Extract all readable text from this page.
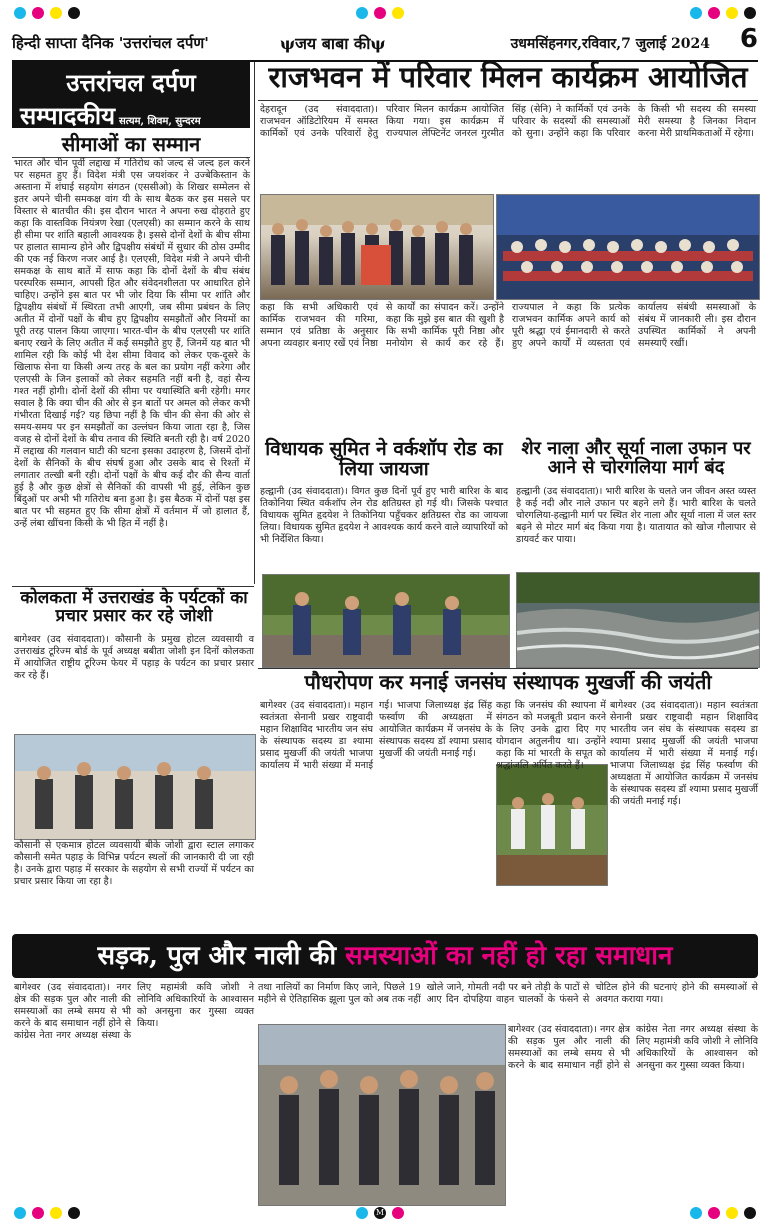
हिन्दी साप्ता दैनिक 'उत्तरांचल दर्पण'	ψजय बाबा कीψ	उधमसिंहनगर,रविवार,7 जुलाई 2024 6
उत्तरांचल दर्पण
सम्पादकीय सत्यम, शिवम, सुन्दरम
सीमाओं का सम्मान
भारत और चीन पूर्वी लद्दाख में गतिरोध को जल्द से जल्द हल करने पर सहमत हुए हैं। विदेश मंत्री एस जयशंकर ने उज्बेकिस्तान के अस्ताना में शंघाई सहयोग संगठन (एससीओ) के शिखर सम्मेलन से इतर अपने चीनी समकक्ष वांग यी के साथ बैठक कर इस मसले पर विस्तार से बातचीत की। इस दौरान भारत ने अपना रुख दोहराते हुए कहा कि वास्तविक नियंत्रण रेखा (एलएसी) का सम्मान करने के साथ ही सीमा पर शांति बहाली आवश्यक है। इससे दोनों देशों के बीच सीमा पर हालात सामान्य होने और द्विपक्षीय संबंधों में सुधार की ठोस उम्मीद की एक नई किरण नजर आई है। एलएसी, विदेश मंत्री ने अपने चीनी समकक्ष के साथ बातें में साफ कहा कि दोनों देशों के बीच संबंध परस्परिक सम्मान, आपसी हित और संवेदनशीलता पर आधारित होने चाहिए। उन्होंने इस बात पर भी जोर दिया कि सीमा पर शांति और द्विपक्षीय संबंधों में स्थिरता तभी आएगी, जब सीमा प्रबंधन के लिए अतीत में दोनों पक्षों के बीच हुए द्विपक्षीय समझौतों और नियमों का पूरी तरह पालन किया जाएगा। भारत-चीन के बीच एलएसी पर शांति बनाए रखने के लिए अतीत में कई समझौते हुए हैं, जिनमें यह बात भी शामिल रही कि कोई भी देश सीमा विवाद को लेकर एक-दूसरे के खिलाफ सेना या किसी अन्य तरह के बल का प्रयोग नहीं करेगा और एलएसी के जिन इलाकों को लेकर सहमति नहीं बनी है, वहां सैन्य गश्त नहीं होगी। दोनों देशों की सीमा पर यथास्थिति बनी रहेगी। मगर सवाल है कि क्या चीन की ओर से इन बातों पर अमल को लेकर कभी गंभीरता दिखाई गई? यह छिपा नहीं है कि चीन की सेना की ओर से समय-समय पर इन समझौतों का उल्लंघन किया जाता रहा है, जिस वजह से दोनों देशों के बीच तनाव की स्थिति बनती रही है। वर्ष 2020 में लद्दाख की गलवान घाटी की घटना इसका उदाहरण है, जिसमें दोनों देशों के सैनिकों के बीच संघर्ष हुआ और उसके बाद से रिश्तों में लगातार तल्खी बनी रही। दोनों पक्षों के बीच कई दौर की सैन्य वार्ता हुई है और कुछ क्षेत्रों से सैनिकों की वापसी भी हुई, लेकिन कुछ बिंदुओं पर अभी भी गतिरोध बना हुआ है। इस बैठक में दोनों पक्ष इस बात पर भी सहमत हुए कि सीमा क्षेत्रों में वर्तमान में जो हालात हैं, उन्हें लंबा खींचना किसी के भी हित में नहीं है।
राजभवन में परिवार मिलन कार्यक्रम आयोजित
देहरादून (उद संवाददाता)। राजभवन ऑडिटोरियम में समस्त कार्मिकों एवं उनके परिवारों हेतु परिवार मिलन कार्यक्रम आयोजित किया गया। इस कार्यक्रम में राज्यपाल लेफ्टिनेंट जनरल गुरमीत सिंह (सेनि) ने कार्मिकों एवं उनके परिवार के सदस्यों की समस्याओं को सुना। उन्होंने कहा कि परिवार के किसी भी सदस्य की समस्या मेरी समस्या है जिनका निदान करना मेरी प्राथमिकताओं में रहेगा।
कहा कि सभी अधिकारी एवं कार्मिक राजभवन की गरिमा, सम्मान एवं प्रतिष्ठा के अनुसार अपना व्यवहार बनाए रखें एवं निष्ठा से कार्यों का संपादन करें। उन्होंने कहा कि मुझे इस बात की खुशी है कि सभी कार्मिक पूरी निष्ठा और मनोयोग से कार्य कर रहे हैं। राज्यपाल ने कहा कि प्रत्येक राजभवन कार्मिक अपने कार्य को पूरी श्रद्धा एवं ईमानदारी से करते हुए अपने कार्यों में व्यस्तता एवं कार्यालय संबंधी समस्याओं के संबंध में जानकारी ली। इस दौरान उपस्थित कार्मिकों ने अपनी समस्याएँ रखीं।
विधायक सुमित ने वर्कशॉप रोड का लिया जायजा
हल्द्वानी (उद संवाददाता)। विगत कुछ दिनों पूर्व हुए भारी बारिश के बाद तिकोनिया स्थित वर्कशॉप लेन रोड क्षतिग्रस्त हो गई थी। जिसके पश्चात विधायक सुमित हृदयेश ने तिकोनिया पहुँचकर क्षतिग्रस्त रोड का जायजा लिया। विधायक सुमित हृदयेश ने आवश्यक कार्य करने वाले व्यापारियों को भी निर्देशित किया।
शेर नाला और सूर्या नाला उफान पर आने से चोरगलिया मार्ग बंद
हल्द्वानी (उद संवाददाता)। भारी बारिश के चलते जन जीवन अस्त व्यस्त है कई नदी और नाले उफान पर बहने लगे हैं। भारी बारिश के चलते चोरगलिया-हल्द्वानी मार्ग पर स्थित शेर नाला और सूर्या नाला में जल स्तर बढ़ने से मोटर मार्ग बंद किया गया है। यातायात को खोज गौलापार से डायवर्ट कर पाया।
कोलकता में उत्तराखंड के पर्यटकों का प्रचार प्रसार कर रहे जोशी
बागेश्वर (उद संवाददाता)। कौसानी के प्रमुख होटल व्यवसायी व उत्तराखंड टूरिज्म बोर्ड के पूर्व अध्यक्ष बबीता जोशी इन दिनों कोलकता में आयोजित राष्ट्रीय टूरिज्म फेयर में पहाड़ के पर्यटन का प्रचार प्रसार कर रहे हैं।
कौसानी से एकमात्र होटल व्यवसायी बीके जोशी द्वारा स्टाल लगाकर कौसानी समेत पहाड़ के विभिन्न पर्यटन स्थलों की जानकारी दी जा रही है। उनके द्वारा पहाड़ में सरकार के सहयोग से सभी राज्यों में पर्यटन का प्रचार प्रसार किया जा रहा है।
पौधरोपण कर मनाई जनसंघ संस्थापक मुखर्जी की जयंती
बागेश्वर (उद संवाददाता)। महान स्वतंत्रता सेनानी प्रखर राष्ट्रवादी महान शिक्षाविद भारतीय जन संघ के संस्थापक सदस्य डा श्यामा प्रसाद मुखर्जी की जयंती भाजपा कार्यालय में भारी संख्या में मनाई गई। भाजपा जिलाध्यक्ष इंद्र सिंह फर्स्वाण की अध्यक्षता में आयोजित कार्यक्रम में जनसंघ के संस्थापक सदस्य डॉ श्यामा प्रसाद मुखर्जी की जयंती मनाई गई।
कहा कि जनसंघ की स्थापना में संगठन को मजबूती प्रदान करने के लिए उनके द्वारा दिए गए योगदान अतुलनीय था। उन्होंने कहा कि मां भारती के सपूत को श्रद्धांजलि अर्पित करते हैं।
बागेश्वर (उद संवाददाता)। महान स्वतंत्रता सेनानी प्रखर राष्ट्रवादी महान शिक्षाविद भारतीय जन संघ के संस्थापक सदस्य डा श्यामा प्रसाद मुखर्जी की जयंती भाजपा कार्यालय में भारी संख्या में मनाई गई। भाजपा जिलाध्यक्ष इंद्र सिंह फर्स्वाण की अध्यक्षता में आयोजित कार्यक्रम में जनसंघ के संस्थापक सदस्य डॉ श्यामा प्रसाद मुखर्जी की जयंती मनाई गई।
सड़क, पुल और नाली की समस्याओं का नहीं हो रहा समाधान
बागेश्वर (उद संवाददाता)। नगर क्षेत्र की सड़क पुल और नाली की समस्याओं का लम्बे समय से भी करने के बाद समाधान नहीं होने से कांग्रेस नेता नगर अध्यक्ष संस्था के लिए महामंत्री कवि जोशी ने लोनिवि अधिकारियों के आश्वासन को अनसुना कर गुस्सा व्यक्त किया।
तथा नालियों का निर्माण किए जाने, पिछले 19 महीने से ऐतिहासिक झूला पुल को अब तक नहीं खोले जाने, गोमती नदी पर बने तोड़ी के पाटों से आए दिन दोपहिया वाहन चालकों के फंसने से चोटिल होने की घटनाएं होने की समस्याओं से अवगत कराया गया।
बागेश्वर (उद संवाददाता)। नगर क्षेत्र की सड़क पुल और नाली की समस्याओं का लम्बे समय से भी करने के बाद समाधान नहीं होने से कांग्रेस नेता नगर अध्यक्ष संस्था के लिए महामंत्री कवि जोशी ने लोनिवि अधिकारियों के आश्वासन को अनसुना कर गुस्सा व्यक्त किया।
M
